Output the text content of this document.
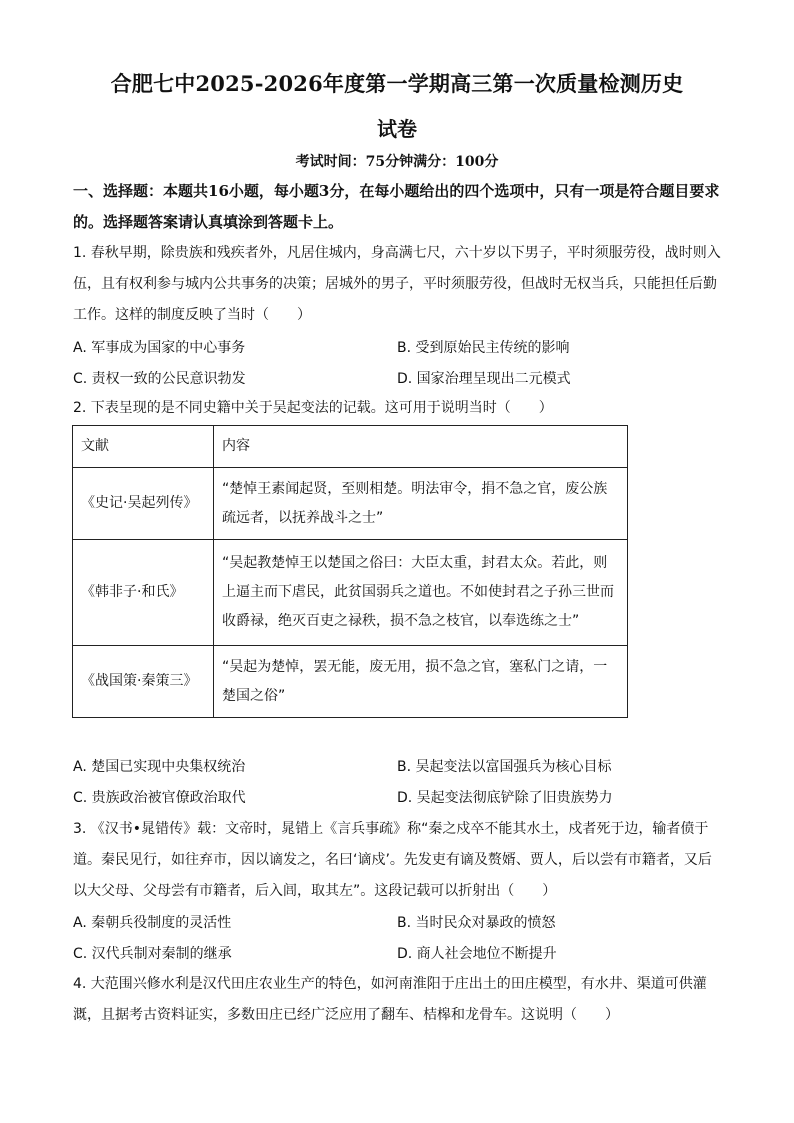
合肥七中2025-2026年度第一学期高三第一次质量检测历史
试卷
考试时间：75分钟满分：100分
一、选择题：本题共16小题，每小题3分，在每小题给出的四个选项中，只有一项是符合题目要求的。选择题答案请认真填涂到答题卡上。
1. 春秋早期，除贵族和残疾者外，凡居住城内，身高满七尺，六十岁以下男子，平时须服劳役，战时则入伍，且有权利参与城内公共事务的决策；居城外的男子，平时须服劳役，但战时无权当兵，只能担任后勤工作。这样的制度反映了当时（　　）
A. 军事成为国家的中心事务	B. 受到原始民主传统的影响
C. 责权一致的公民意识勃发	D. 国家治理呈现出二元模式
2. 下表呈现的是不同史籍中关于吴起变法的记载。这可用于说明当时（　　）
文献	内容
《史记·吴起列传》	“楚悼王素闻起贤，至则相楚。明法审令，捐不急之官，废公族疏远者，以抚养战斗之士”
《韩非子·和氏》	“吴起教楚悼王以楚国之俗曰：大臣太重，封君太众。若此，则上逼主而下虐民，此贫国弱兵之道也。不如使封君之子孙三世而收爵禄，绝灭百吏之禄秩，损不急之枝官，以奉选练之士”
《战国策·秦策三》	“吴起为楚悼，罢无能，废无用，损不急之官，塞私门之请，一楚国之俗”
A. 楚国已实现中央集权统治	B. 吴起变法以富国强兵为核心目标
C. 贵族政治被官僚政治取代	D. 吴起变法彻底铲除了旧贵族势力
3. 《汉书•晁错传》载：文帝时，晁错上《言兵事疏》称“秦之戍卒不能其水土，戍者死于边，输者偾于道。秦民见行，如往弃市，因以谪发之，名曰‘谪戍’。先发吏有谪及赘婿、贾人，后以尝有市籍者，又后以大父母、父母尝有市籍者，后入闾，取其左”。这段记载可以折射出（　　）
A. 秦朝兵役制度的灵活性	B. 当时民众对暴政的愤怒
C. 汉代兵制对秦制的继承	D. 商人社会地位不断提升
4. 大范围兴修水利是汉代田庄农业生产的特色，如河南淮阳于庄出土的田庄模型，有水井、渠道可供灌溉，且据考古资料证实，多数田庄已经广泛应用了翻车、桔槔和龙骨车。这说明（　　）
